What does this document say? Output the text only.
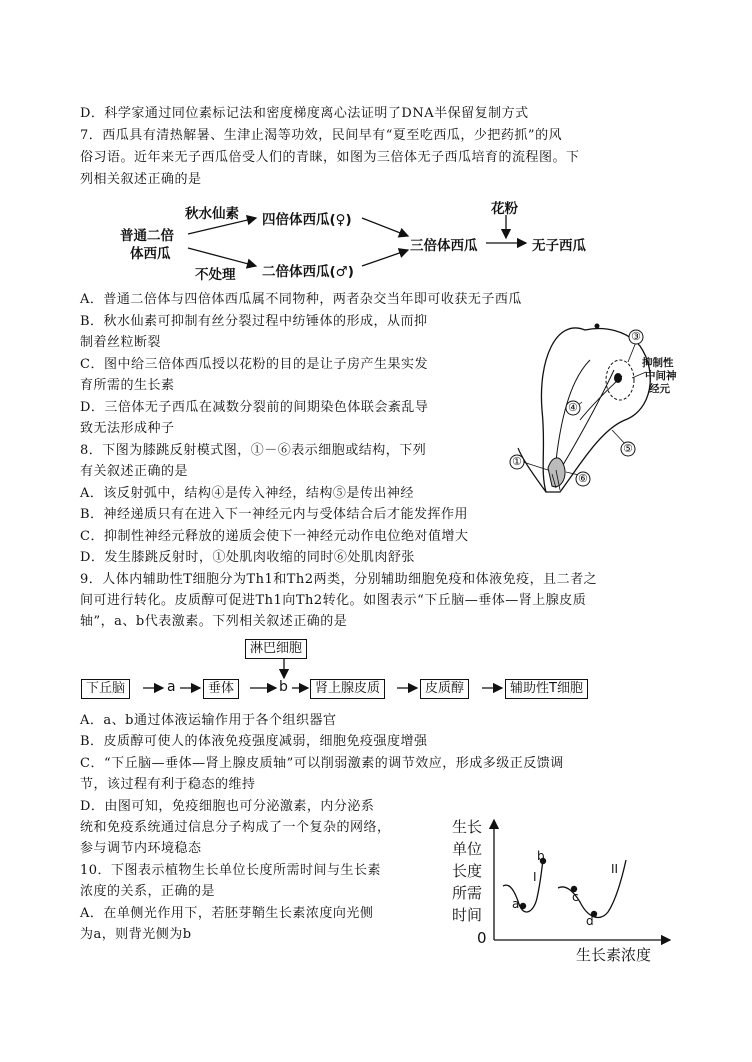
D．科学家通过同位素标记法和密度梯度离心法证明了DNA半保留复制方式
7．西瓜具有清热解暑、生津止渴等功效，民间早有“夏至吃西瓜，少把药抓”的风
俗习语。近年来无子西瓜倍受人们的青睐，如图为三倍体无子西瓜培育的流程图。下
列相关叙述正确的是
普通二倍
体西瓜
秋水仙素
不处理
四倍体西瓜(♀)
二倍体西瓜(♂)
三倍体西瓜
花粉
无子西瓜
A．普通二倍体与四倍体西瓜属不同物种，两者杂交当年即可收获无子西瓜
B．秋水仙素可抑制有丝分裂过程中纺锤体的形成，从而抑
制着丝粒断裂
C．图中给三倍体西瓜授以花粉的目的是让子房产生果实发
育所需的生长素
D．三倍体无子西瓜在减数分裂前的间期染色体联会紊乱导
致无法形成种子
8．下图为膝跳反射模式图，①－⑥表示细胞或结构，下列
有关叙述正确的是
A．该反射弧中，结构④是传入神经，结构⑤是传出神经
B．神经递质只有在进入下一神经元内与受体结合后才能发挥作用
C．抑制性神经元释放的递质会使下一神经元动作电位绝对值增大
D．发生膝跳反射时，①处肌肉收缩的同时⑥处肌肉舒张
抑制性
中间神
经元
9．人体内辅助性T细胞分为Th1和Th2两类，分别辅助细胞免疫和体液免疫，且二者之
间可进行转化。皮质醇可促进Th1向Th2转化。如图表示“下丘脑—垂体—肾上腺皮质
轴”，a、b代表激素。下列相关叙述正确的是
淋巴细胞
下丘脑	a	垂体	b	肾上腺皮质	皮质醇	辅助性T细胞
A．a、b通过体液运输作用于各个组织器官
B．皮质醇可使人的体液免疫强度减弱，细胞免疫强度增强
C．“下丘脑—垂体—肾上腺皮质轴”可以削弱激素的调节效应，形成多级正反馈调
节，该过程有利于稳态的维持
D．由图可知，免疫细胞也可分泌激素，内分泌系
统和免疫系统通过信息分子构成了一个复杂的网络，
参与调节内环境稳态
10．下图表示植物生长单位长度所需时间与生长素
浓度的关系，正确的是
A．在单侧光作用下，若胚芽鞘生长素浓度向光侧
为a，则背光侧为b
生长
单位
长度
所需
时间
0
生长素浓度
I
II
a
b
c
d
①
④
③
⑤
⑥
